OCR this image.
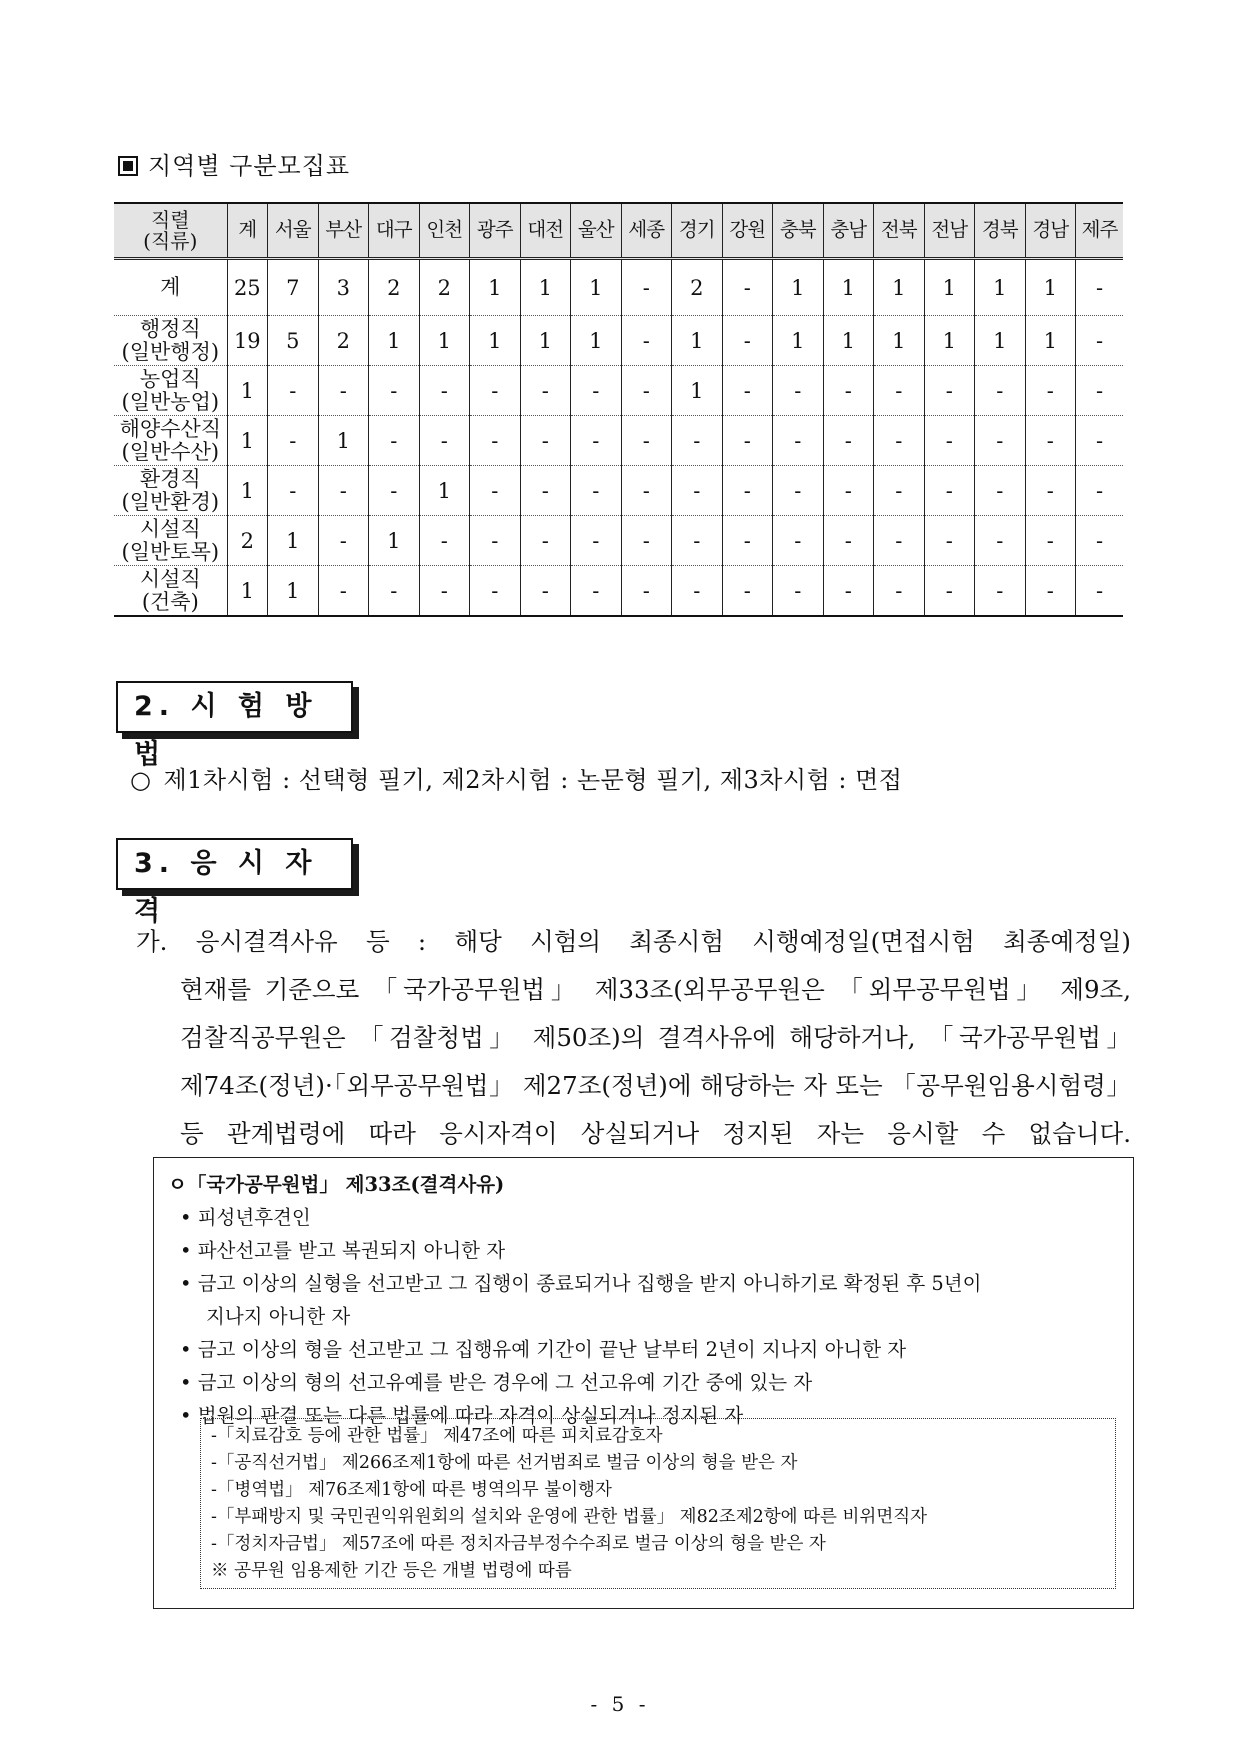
지역별 구분모집표
직렬
(직류)	계	서울	부산	대구	인천	광주	대전	울산	세종	경기	강원	충북	충남	전북	전남	경북	경남	제주

계	25	7	3	2	2	1	1	1	-	2	-	1	1	1	1	1	1	-

행정직
(일반행정)	19	5	2	1	1	1	1	1	-	1	-	1	1	1	1	1	1	-

농업직
(일반농업)	1	-	-	-	-	-	-	-	-	1	-	-	-	-	-	-	-	-

해양수산직
(일반수산)	1	-	1	-	-	-	-	-	-	-	-	-	-	-	-	-	-	-

환경직
(일반환경)	1	-	-	-	1	-	-	-	-	-	-	-	-	-	-	-	-	-

시설직
(일반토목)	2	1	-	1	-	-	-	-	-	-	-	-	-	-	-	-	-	-

시설직
(건축)	1	1	-	-	-	-	-	-	-	-	-	-	-	-	-	-	-	-
2. 시 험 방 법
○ 제1차시험 : 선택형 필기, 제2차시험 : 논문형 필기, 제3차시험 : 면접
3. 응 시 자 격
가. 응시결격사유 등 : 해당 시험의 최종시험 시행예정일(면접시험 최종예정일)
현재를 기준으로 「국가공무원법」 제33조(외무공무원은 「외무공무원법」 제9조,
검찰직공무원은 「검찰청법」 제50조)의 결격사유에 해당하거나, 「국가공무원법」
제74조(정년)·「외무공무원법」 제27조(정년)에 해당하는 자 또는 「공무원임용시험령」
등 관계법령에 따라 응시자격이 상실되거나 정지된 자는 응시할 수 없습니다.
ㅇ「국가공무원법」 제33조(결격사유)
• 피성년후견인
• 파산선고를 받고 복권되지 아니한 자
• 금고 이상의 실형을 선고받고 그 집행이 종료되거나 집행을 받지 아니하기로 확정된 후 5년이
지나지 아니한 자
• 금고 이상의 형을 선고받고 그 집행유예 기간이 끝난 날부터 2년이 지나지 아니한 자
• 금고 이상의 형의 선고유예를 받은 경우에 그 선고유예 기간 중에 있는 자
• 법원의 판결 또는 다른 법률에 따라 자격이 상실되거나 정지된 자
-「치료감호 등에 관한 법률」 제47조에 따른 피치료감호자
-「공직선거법」 제266조제1항에 따른 선거범죄로 벌금 이상의 형을 받은 자
-「병역법」 제76조제1항에 따른 병역의무 불이행자
-「부패방지 및 국민권익위원회의 설치와 운영에 관한 법률」 제82조제2항에 따른 비위면직자
-「정치자금법」 제57조에 따른 정치자금부정수수죄로 벌금 이상의 형을 받은 자
※ 공무원 임용제한 기간 등은 개별 법령에 따름
- 5 -
